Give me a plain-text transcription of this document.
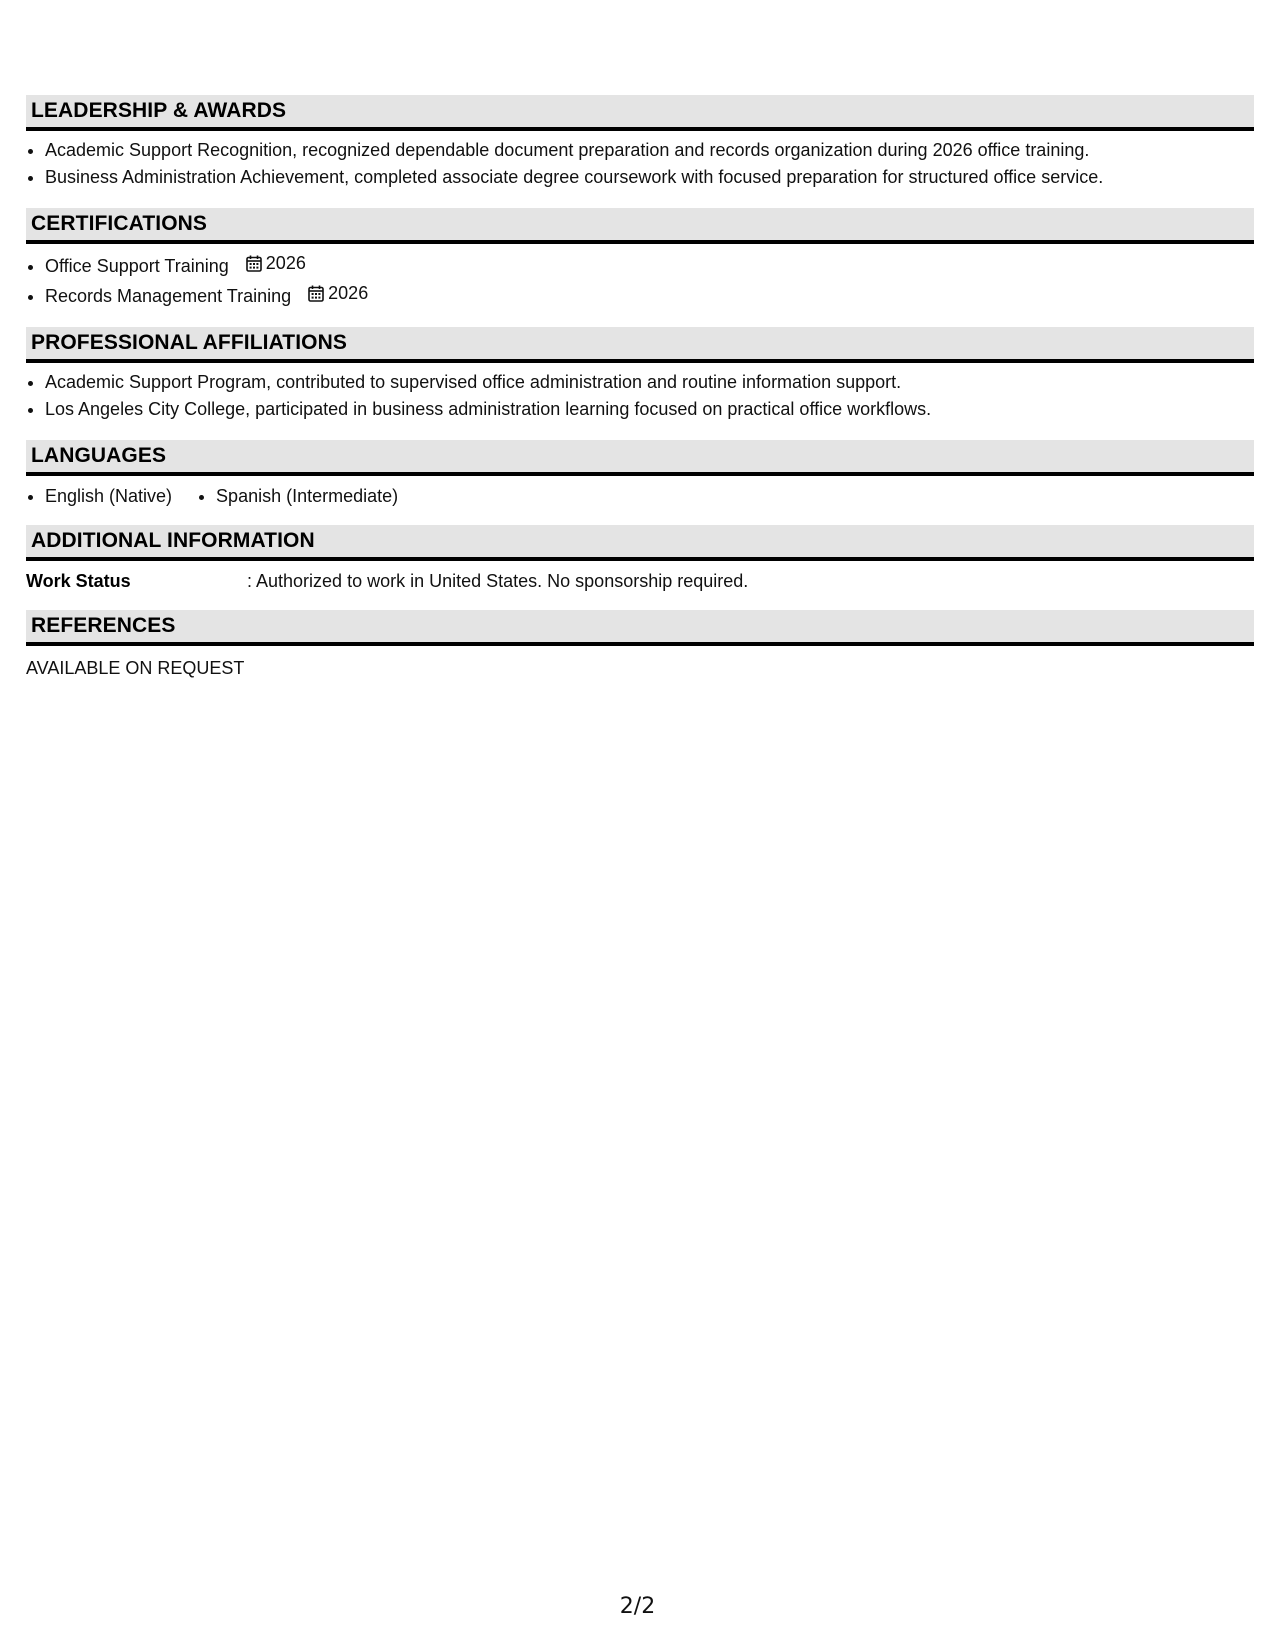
LEADERSHIP & AWARDS
• Academic Support Recognition, recognized dependable document preparation and records organization during 2026 office training.
• Business Administration Achievement, completed associate degree coursework with focused preparation for structured office service.
CERTIFICATIONS
• Office Support Training 2026
• Records Management Training 2026
PROFESSIONAL AFFILIATIONS
• Academic Support Program, contributed to supervised office administration and routine information support.
• Los Angeles City College, participated in business administration learning focused on practical office workflows.
LANGUAGES
• English (Native)
• Spanish (Intermediate)
ADDITIONAL INFORMATION
Work Status	: Authorized to work in United States. No sponsorship required.
REFERENCES
AVAILABLE ON REQUEST
2/2
